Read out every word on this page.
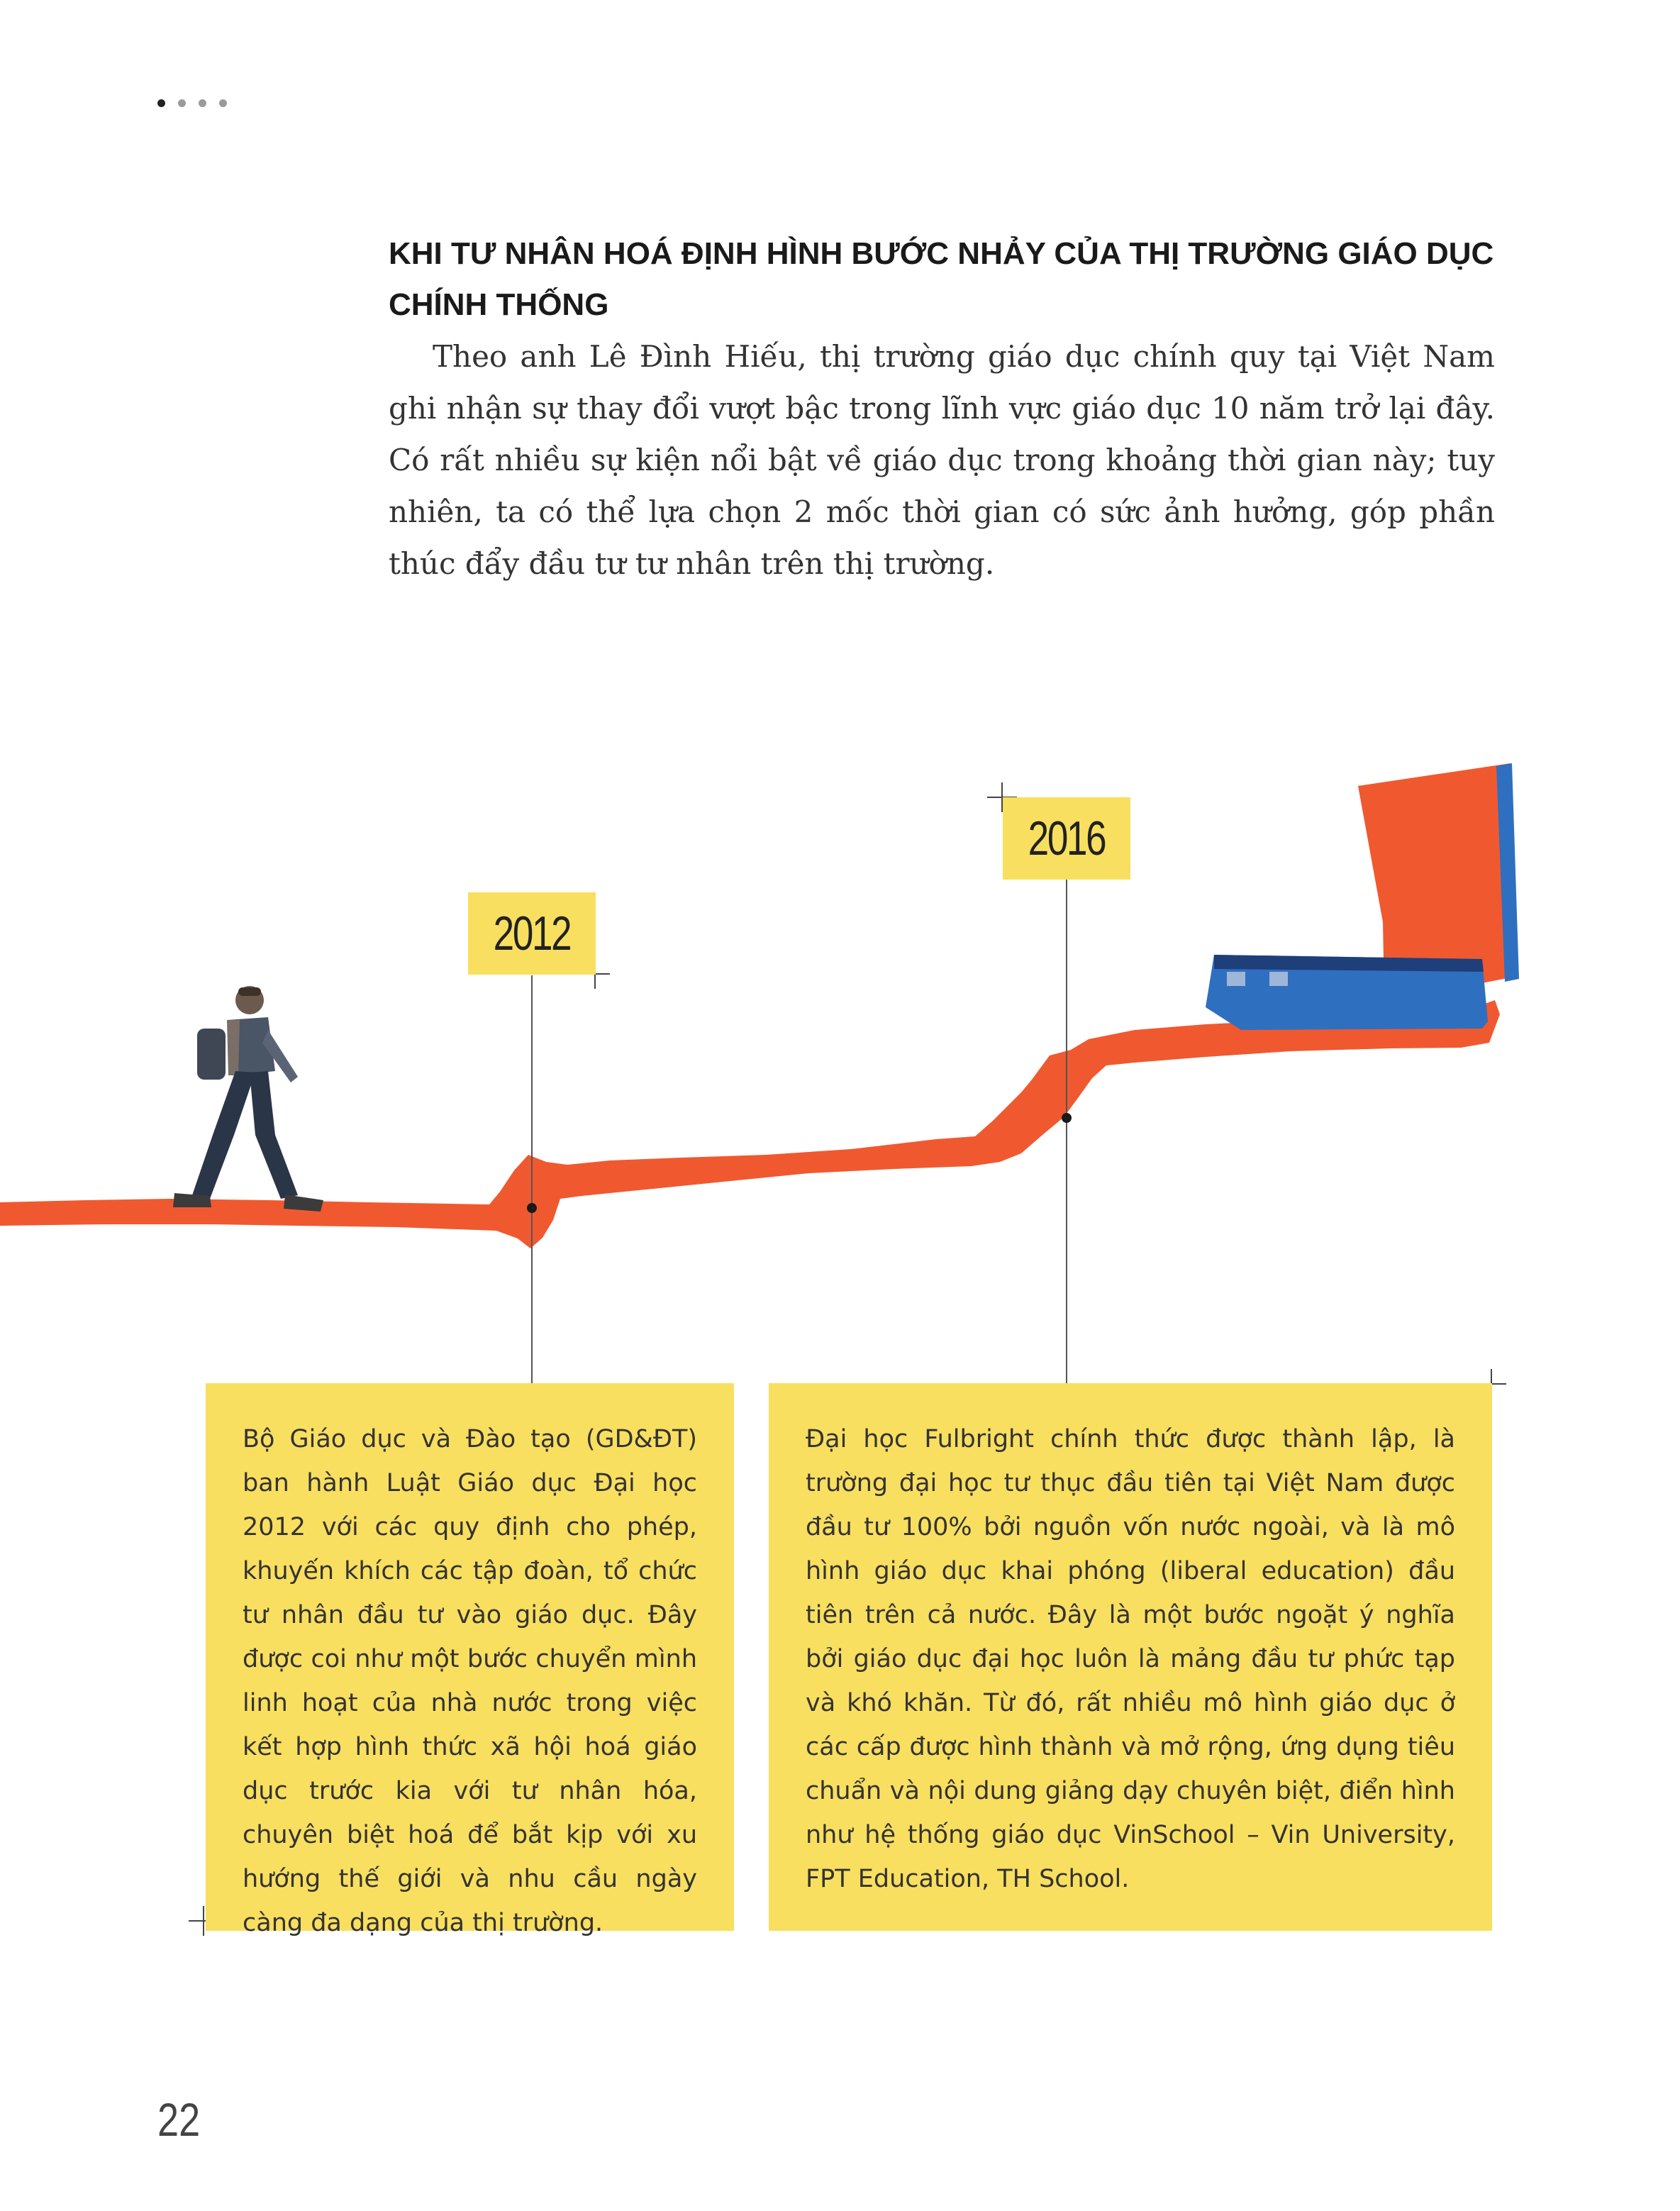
KHI TƯ NHÂN HOÁ ĐỊNH HÌNH BƯỚC NHẢY CỦA THỊ TRƯỜNG GIÁO DỤC CHÍNH THỐNG

Theo anh Lê Đình Hiếu, thị trường giáo dục chính quy tại Việt Nam ghi nhận sự thay đổi vượt bậc trong lĩnh vực giáo dục 10 năm trở lại đây. Có rất nhiều sự kiện nổi bật về giáo dục trong khoảng thời gian này; tuy nhiên, ta có thể lựa chọn 2 mốc thời gian có sức ảnh hưởng, góp phần thúc đẩy đầu tư tư nhân trên thị trường.

2012
2016

Bộ Giáo dục và Đào tạo (GD&ĐT) ban hành Luật Giáo dục Đại học 2012 với các quy định cho phép, khuyến khích các tập đoàn, tổ chức tư nhân đầu tư vào giáo dục. Đây được coi như một bước chuyển mình linh hoạt của nhà nước trong việc kết hợp hình thức xã hội hoá giáo dục trước kia với tư nhân hóa, chuyên biệt hoá để bắt kịp với xu hướng thế giới và nhu cầu ngày càng đa dạng của thị trường.

Đại học Fulbright chính thức được thành lập, là trường đại học tư thục đầu tiên tại Việt Nam được đầu tư 100% bởi nguồn vốn nước ngoài, và là mô hình giáo dục khai phóng (liberal education) đầu tiên trên cả nước. Đây là một bước ngoặt ý nghĩa bởi giáo dục đại học luôn là mảng đầu tư phức tạp và khó khăn. Từ đó, rất nhiều mô hình giáo dục ở các cấp được hình thành và mở rộng, ứng dụng tiêu chuẩn và nội dung giảng dạy chuyên biệt, điển hình như hệ thống giáo dục VinSchool – Vin University, FPT Education, TH School.

22
